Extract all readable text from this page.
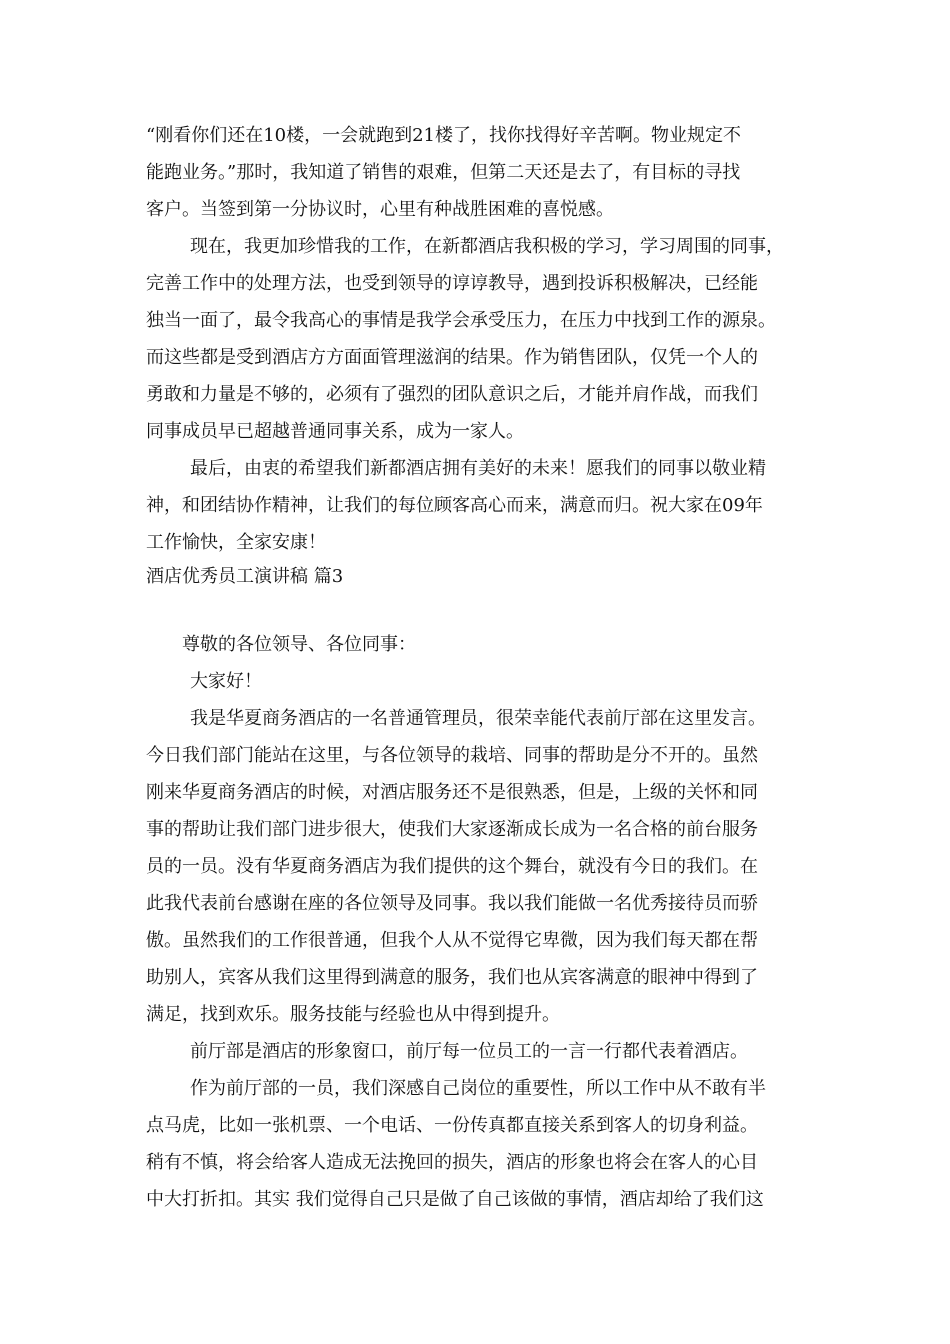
“刚看你们还在10楼，一会就跑到21楼了，找你找得好辛苦啊。物业规定不
能跑业务。”那时，我知道了销售的艰难，但第二天还是去了，有目标的寻找
客户。当签到第一分协议时，心里有种战胜困难的喜悦感。
现在，我更加珍惜我的工作，在新都酒店我积极的学习，学习周围的同事，
完善工作中的处理方法，也受到领导的谆谆教导，遇到投诉积极解决，已经能
独当一面了，最令我高心的事情是我学会承受压力，在压力中找到工作的源泉。
而这些都是受到酒店方方面面管理滋润的结果。作为销售团队，仅凭一个人的
勇敢和力量是不够的，必须有了强烈的团队意识之后，才能并肩作战，而我们
同事成员早已超越普通同事关系，成为一家人。
最后，由衷的希望我们新都酒店拥有美好的未来！愿我们的同事以敬业精
神，和团结协作精神，让我们的每位顾客高心而来，满意而归。祝大家在09年
工作愉快，全家安康！
酒店优秀员工演讲稿 篇3
尊敬的各位领导、各位同事：
大家好！
我是华夏商务酒店的一名普通管理员，很荣幸能代表前厅部在这里发言。
今日我们部门能站在这里，与各位领导的栽培、同事的帮助是分不开的。虽然
刚来华夏商务酒店的时候，对酒店服务还不是很熟悉，但是，上级的关怀和同
事的帮助让我们部门进步很大，使我们大家逐渐成长成为一名合格的前台服务
员的一员。没有华夏商务酒店为我们提供的这个舞台，就没有今日的我们。在
此我代表前台感谢在座的各位领导及同事。我以我们能做一名优秀接待员而骄
傲。虽然我们的工作很普通，但我个人从不觉得它卑微，因为我们每天都在帮
助别人，宾客从我们这里得到满意的服务，我们也从宾客满意的眼神中得到了
满足，找到欢乐。服务技能与经验也从中得到提升。
前厅部是酒店的形象窗口，前厅每一位员工的一言一行都代表着酒店。
作为前厅部的一员，我们深感自己岗位的重要性，所以工作中从不敢有半
点马虎，比如一张机票、一个电话、一份传真都直接关系到客人的切身利益。
稍有不慎，将会给客人造成无法挽回的损失，酒店的形象也将会在客人的心目
中大打折扣。其实 我们觉得自己只是做了自己该做的事情，酒店却给了我们这
